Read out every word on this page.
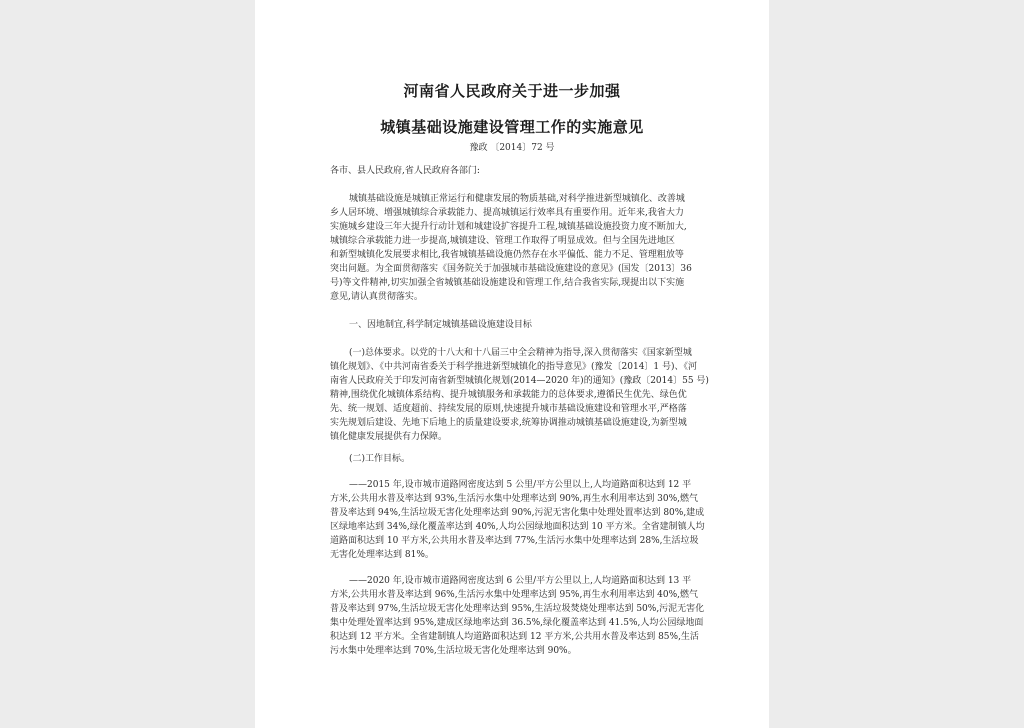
河南省人民政府关于进一步加强
城镇基础设施建设管理工作的实施意见
豫政 〔2014〕72 号
各市、县人民政府,省人民政府各部门:
城镇基础设施是城镇正常运行和健康发展的物质基础,对科学推进新型城镇化、改善城
乡人居环境、增强城镇综合承载能力、提高城镇运行效率具有重要作用。近年来,我省大力
实施城乡建设三年大提升行动计划和城建设扩容提升工程,城镇基础设施投资力度不断加大,
城镇综合承载能力进一步提高,城镇建设、管理工作取得了明显成效。但与全国先进地区
和新型城镇化发展要求相比,我省城镇基础设施仍然存在水平偏低、能力不足、管理粗放等
突出问题。为全面贯彻落实《国务院关于加强城市基础设施建设的意见》(国发〔2013〕36
号)等文件精神,切实加强全省城镇基础设施建设和管理工作,结合我省实际,现提出以下实施
意见,请认真贯彻落实。
一、因地制宜,科学制定城镇基础设施建设目标
(一)总体要求。以党的十八大和十八届三中全会精神为指导,深入贯彻落实《国家新型城
镇化规划》、《中共河南省委关于科学推进新型城镇化的指导意见》(豫发〔2014〕1 号)、《河
南省人民政府关于印发河南省新型城镇化规划(2014—2020 年)的通知》(豫政〔2014〕55 号)
精神,围绕优化城镇体系结构、提升城镇服务和承载能力的总体要求,遵循民生优先、绿色优
先、统一规划、适度超前、持续发展的原则,快速提升城市基础设施建设和管理水平,严格落
实先规划后建设、先地下后地上的质量建设要求,统筹协调推动城镇基础设施建设,为新型城
镇化健康发展提供有力保障。
(二)工作目标。
——2015 年,设市城市道路网密度达到 5 公里/平方公里以上,人均道路面积达到 12 平
方米,公共用水普及率达到 93%,生活污水集中处理率达到 90%,再生水利用率达到 30%,燃气
普及率达到 94%,生活垃圾无害化处理率达到 90%,污泥无害化集中处理处置率达到 80%,建成
区绿地率达到 34%,绿化覆盖率达到 40%,人均公园绿地面积达到 10 平方米。全省建制镇人均
道路面积达到 10 平方米,公共用水普及率达到 77%,生活污水集中处理率达到 28%,生活垃圾
无害化处理率达到 81%。
——2020 年,设市城市道路网密度达到 6 公里/平方公里以上,人均道路面积达到 13 平
方米,公共用水普及率达到 96%,生活污水集中处理率达到 95%,再生水利用率达到 40%,燃气
普及率达到 97%,生活垃圾无害化处理率达到 95%,生活垃圾焚烧处理率达到 50%,污泥无害化
集中处理处置率达到 95%,建成区绿地率达到 36.5%,绿化覆盖率达到 41.5%,人均公园绿地面
积达到 12 平方米。全省建制镇人均道路面积达到 12 平方米,公共用水普及率达到 85%,生活
污水集中处理率达到 70%,生活垃圾无害化处理率达到 90%。
